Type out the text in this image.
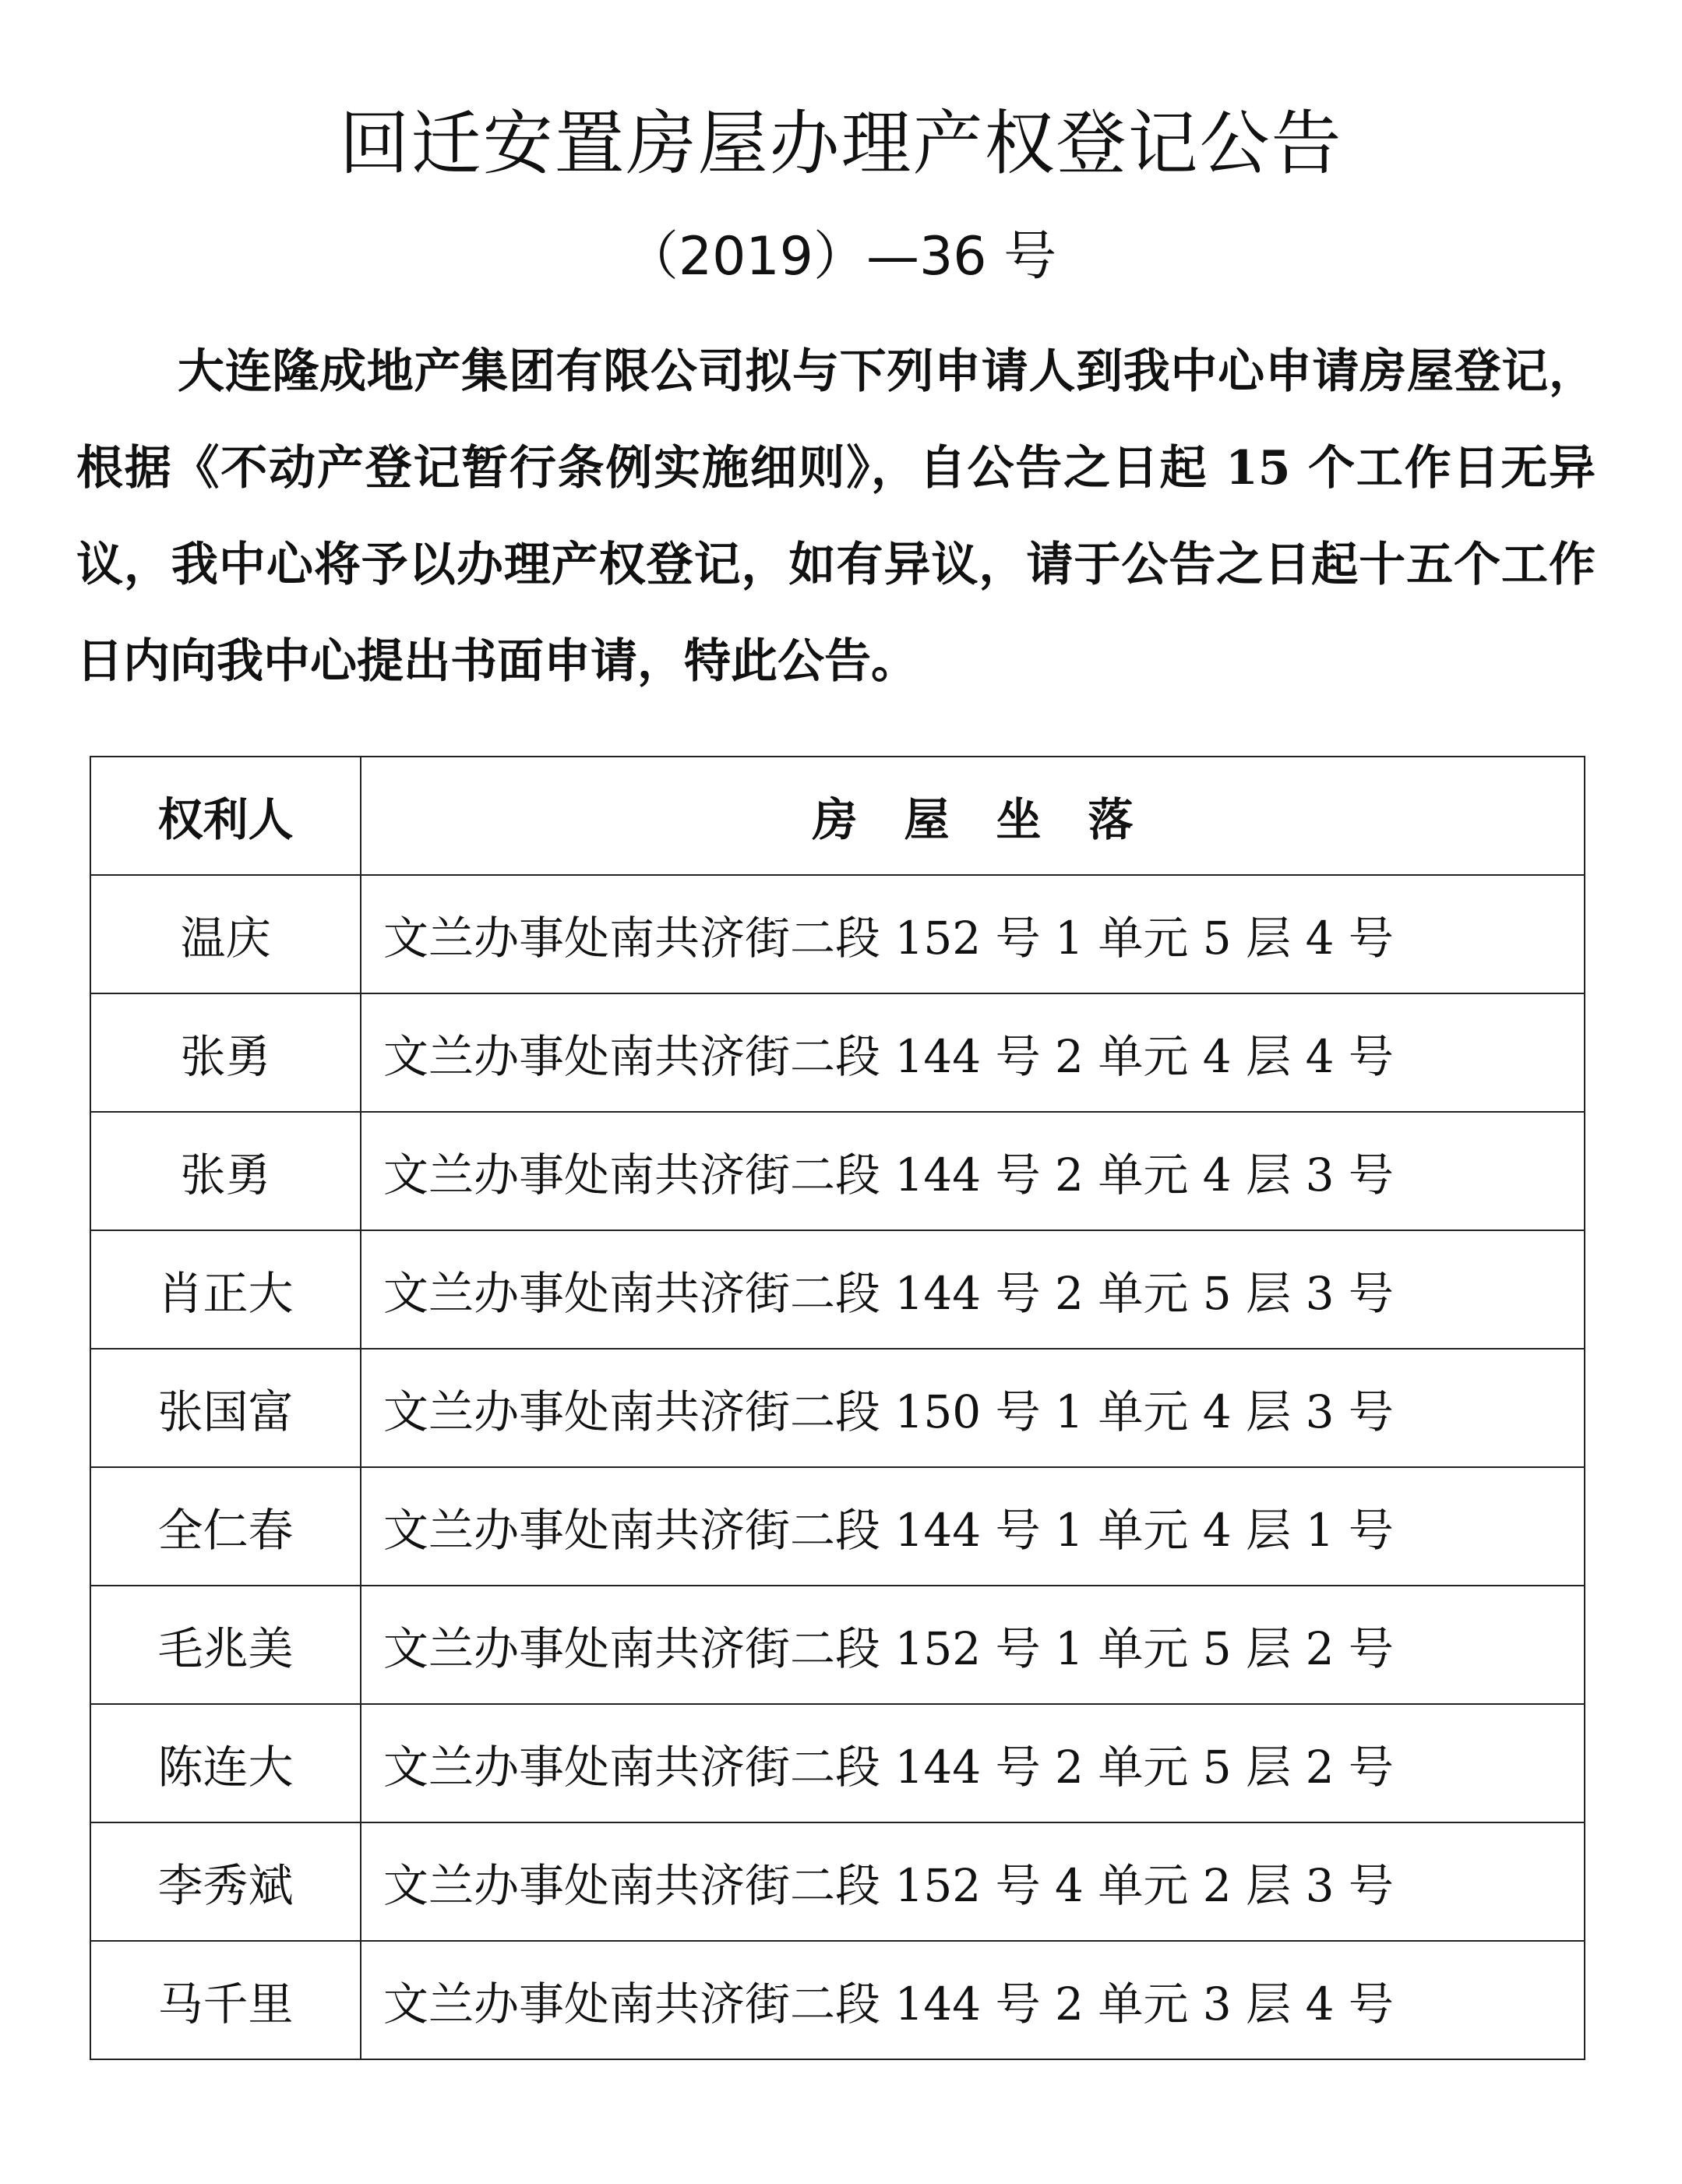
回迁安置房屋办理产权登记公告
（2019）—36 号

大连隆成地产集团有限公司拟与下列申请人到我中心申请房屋登记，根据《不动产登记暂行条例实施细则》，自公告之日起 15 个工作日无异议，我中心将予以办理产权登记，如有异议，请于公告之日起十五个工作日内向我中心提出书面申请，特此公告。

权利人	房屋坐落
温庆	文兰办事处南共济街二段 152 号 1 单元 5 层 4 号
张勇	文兰办事处南共济街二段 144 号 2 单元 4 层 4 号
张勇	文兰办事处南共济街二段 144 号 2 单元 4 层 3 号
肖正大	文兰办事处南共济街二段 144 号 2 单元 5 层 3 号
张国富	文兰办事处南共济街二段 150 号 1 单元 4 层 3 号
全仁春	文兰办事处南共济街二段 144 号 1 单元 4 层 1 号
毛兆美	文兰办事处南共济街二段 152 号 1 单元 5 层 2 号
陈连大	文兰办事处南共济街二段 144 号 2 单元 5 层 2 号
李秀斌	文兰办事处南共济街二段 152 号 4 单元 2 层 3 号
马千里	文兰办事处南共济街二段 144 号 2 单元 3 层 4 号
